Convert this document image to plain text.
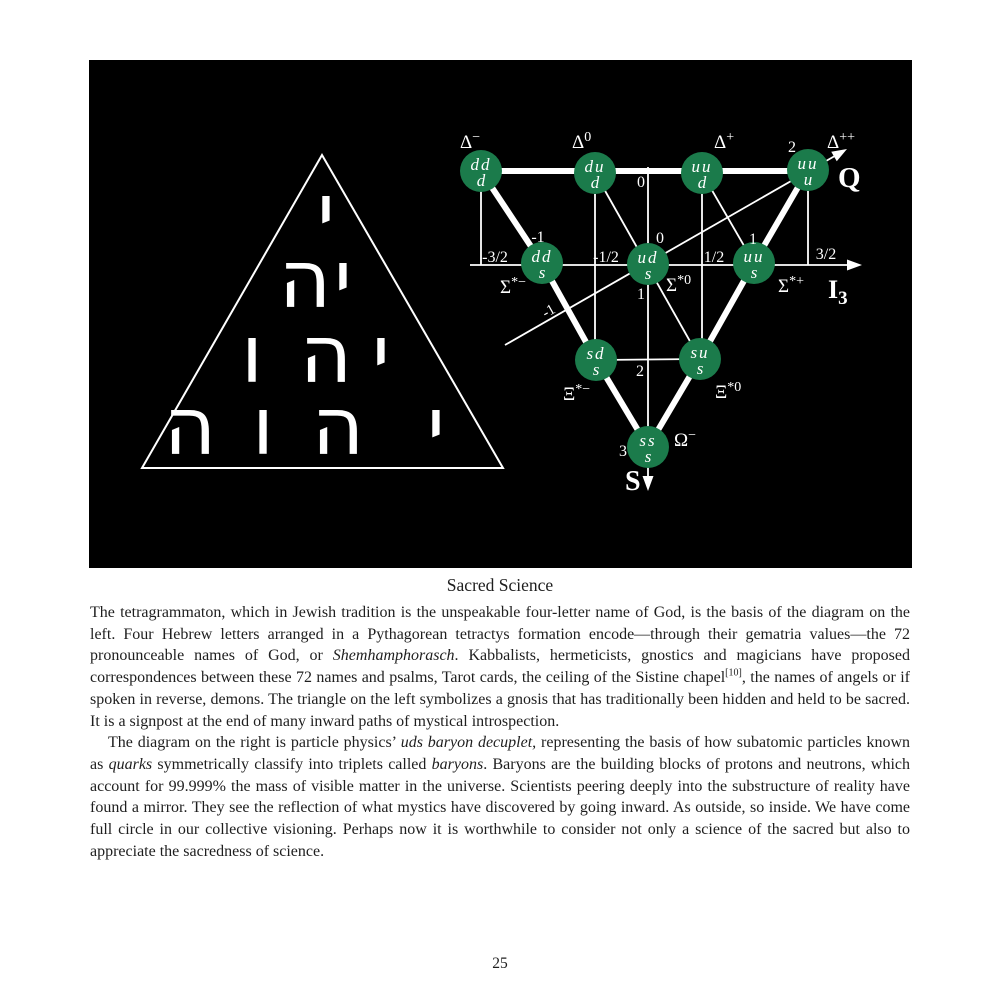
י
ה י
ו ה י
ה ו ה י
dd
d
du
d
uu
d
uu
u
dd
s
ud
s
uu
s
sd
s
su
s
ss
s
Δ−	$\Delta^0$	Δ+	Δ++
2
Q
Σ*−	$\Sigma^{*0}$	Σ*+ $I_3$
Ξ*−	$\Xi^{*0}$
Ω−
S
-3/2	-1/2	1/2	3/2
0
1
2
3
-1	0	1
-1
Sacred Science

The tetragrammaton, which in Jewish tradition is the unspeakable four-letter name of God, is the basis of the diagram on the left. Four Hebrew letters arranged in a Pythagorean tetractys formation encode—through their gematria values—the 72 pronounceable names of God, or Shemhamphorasch. Kabbalists, hermeticists, gnostics and magicians have proposed correspondences between these 72 names and psalms, Tarot cards, the ceiling of the Sistine chapel[10], the names of angels or if spoken in reverse, demons. The triangle on the left symbolizes a gnosis that has traditionally been hidden and held to be sacred. It is a signpost at the end of many inward paths of mystical introspection.

The diagram on the right is particle physics’ uds baryon decuplet, representing the basis of how subatomic particles known as quarks symmetrically classify into triplets called baryons. Baryons are the building blocks of protons and neutrons, which account for 99.999% the mass of visible matter in the universe. Scientists peering deeply into the substructure of reality have found a mirror. They see the reflection of what mystics have discovered by going inward. As outside, so inside. We have come full circle in our collective visioning. Perhaps now it is worthwhile to consider not only a science of the sacred but also to appreciate the sacredness of science.

25
